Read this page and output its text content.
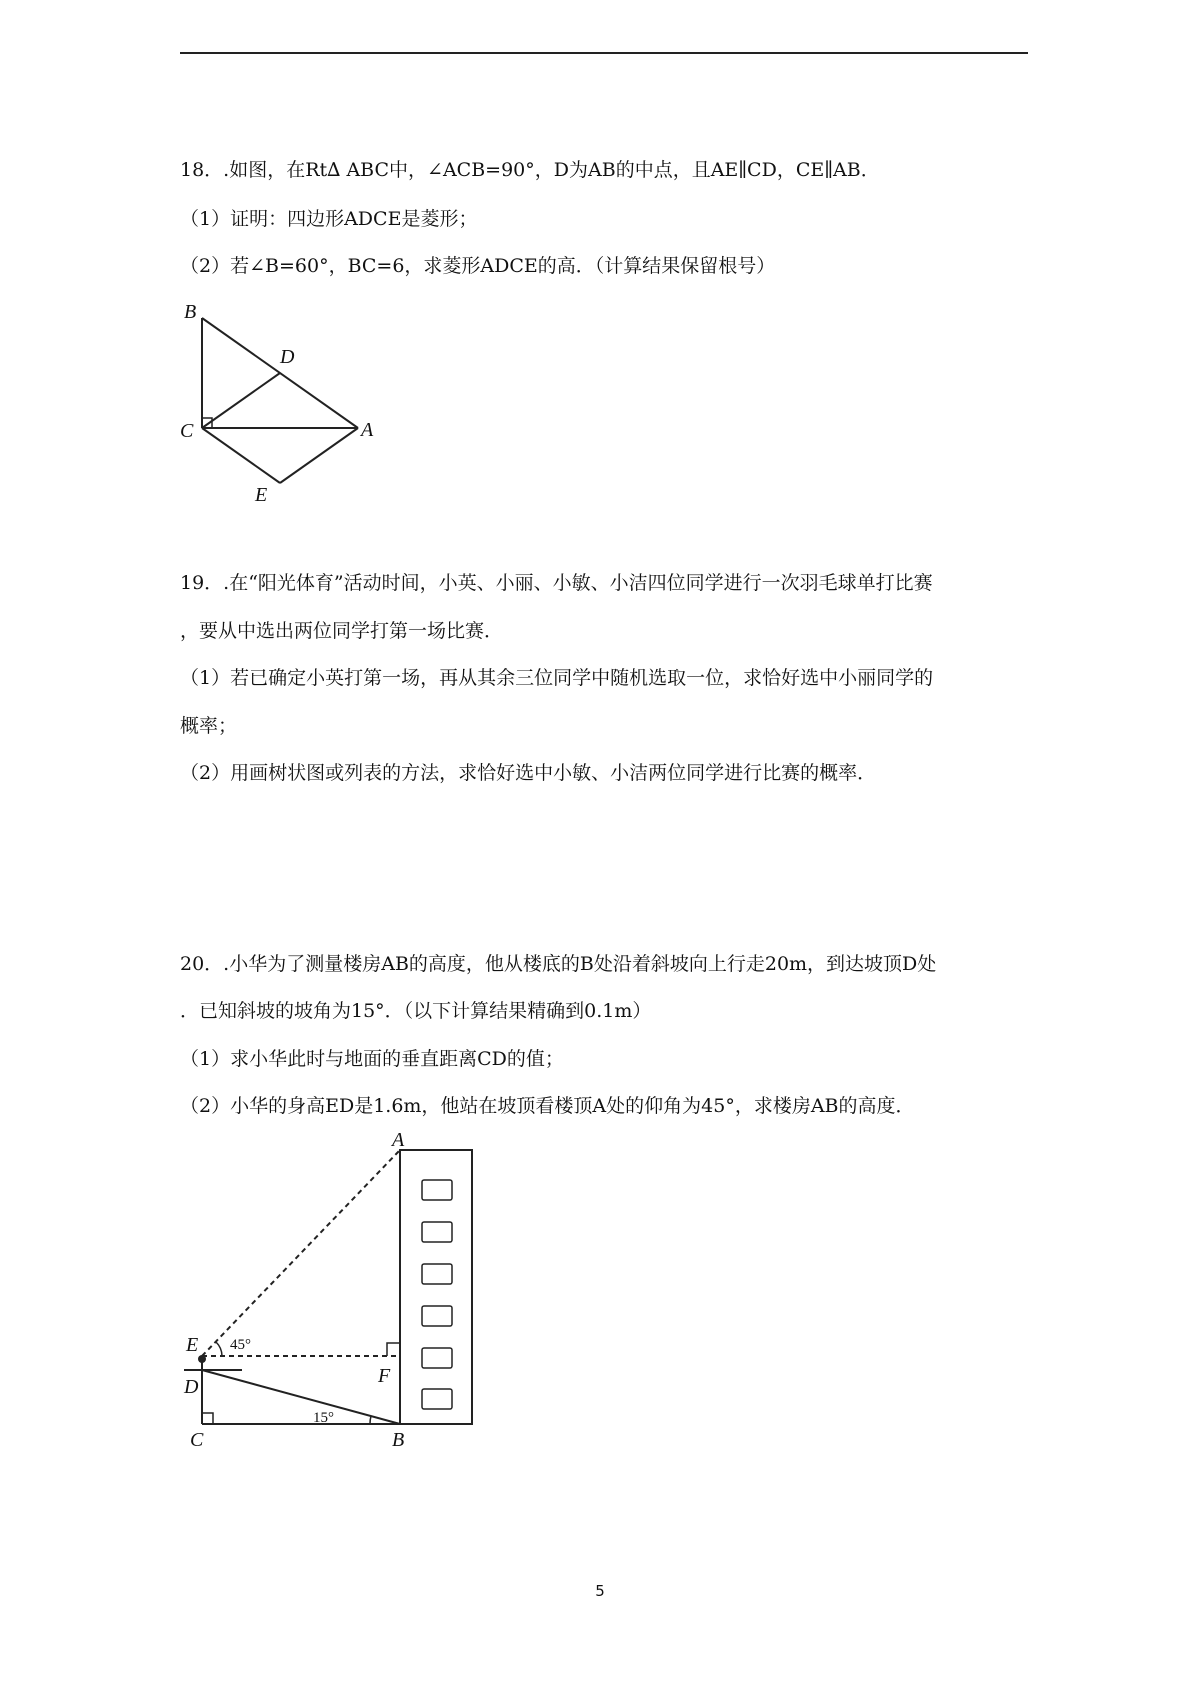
18．.如图，在Rt∆ ABC中，∠ACB=90°，D为AB的中点，且AE∥CD，CE∥AB．
（1）证明：四边形ADCE是菱形；
（2）若∠B=60°，BC=6，求菱形ADCE的高．（计算结果保留根号）
B
D
C	A
E
19．.在“阳光体育”活动时间，小英、小丽、小敏、小洁四位同学进行一次羽毛球单打比赛
，要从中选出两位同学打第一场比赛．
（1）若已确定小英打第一场，再从其余三位同学中随机选取一位，求恰好选中小丽同学的
概率；
（2）用画树状图或列表的方法，求恰好选中小敏、小洁两位同学进行比赛的概率．
20．.小华为了测量楼房AB的高度，他从楼底的B处沿着斜坡向上行走20m，到达坡顶D处
．已知斜坡的坡角为15°．（以下计算结果精确到0.1m）
（1）求小华此时与地面的垂直距离CD的值；
（2）小华的身高ED是1.6m，他站在坡顶看楼顶A处的仰角为45°，求楼房AB的高度．
A
E
F
D
C	B
45°
15°
5
